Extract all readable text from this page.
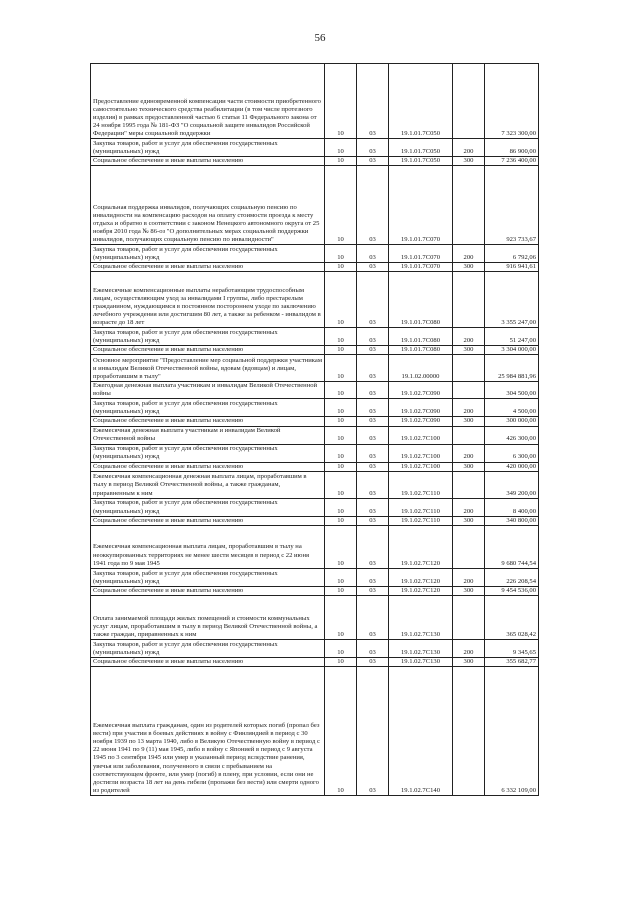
56
Предоставление единовременной компенсации части стоимости приобретенного самостоятельно технического средства реабилитации (в том числе протезного изделия) в рамках предоставленной частью 6 статьи 11 Федерального закона от 24 ноября 1995 года № 181-ФЗ "О социальной защите инвалидов Российской Федерации" меры социальной поддержки	10	03	19.1.01.7С050		7 323 300,00
Закупка товаров, работ и услуг для обеспечения государственных (муниципальных) нужд	10	03	19.1.01.7С050	200	86 900,00
Социальное обеспечение и иные выплаты населению	10	03	19.1.01.7С050	300	7 236 400,00
Социальная поддержка инвалидов, получающих социальную пенсию по инвалидности на компенсацию расходов на оплату стоимости проезда к месту отдыха и обратно в соответствии с законом Ненецкого автономного округа от 25 ноября 2010 года № 86-оз "О дополнительных мерах социальной поддержки инвалидов, получающих социальную пенсию по инвалидности"	10	03	19.1.01.7С070		923 733,67
Закупка товаров, работ и услуг для обеспечения государственных (муниципальных) нужд	10	03	19.1.01.7С070	200	6 792,06
Социальное обеспечение и иные выплаты населению	10	03	19.1.01.7С070	300	916 941,61
Ежемесячные компенсационные выплаты неработающим трудоспособным лицам, осуществляющим уход за инвалидами I группы, либо престарелым гражданином, нуждающимся в постоянном постороннем уходе по заключению лечебного учреждения или достигшим 80 лет, а также за ребенком - инвалидом в возрасте до 18 лет	10	03	19.1.01.7С080		3 355 247,00
Закупка товаров, работ и услуг для обеспечения государственных (муниципальных) нужд	10	03	19.1.01.7С080	200	51 247,00
Социальное обеспечение и иные выплаты населению	10	03	19.1.01.7С080	300	3 304 000,00
Основное мероприятие "Предоставление мер социальной поддержки участникам и инвалидам Великой Отечественной войны, вдовам (вдовцам) и лицам, проработавшим в тылу"	10	03	19.1.02.00000		25 984 881,96
Ежегодная денежная выплата участникам и инвалидам Великой Отечественной войны	10	03	19.1.02.7С090		304 500,00
Закупка товаров, работ и услуг для обеспечения государственных (муниципальных) нужд	10	03	19.1.02.7С090	200	4 500,00
Социальное обеспечение и иные выплаты населению	10	03	19.1.02.7С090	300	300 000,00
Ежемесячная денежная выплата участникам и инвалидам Великой Отечественной войны	10	03	19.1.02.7С100		426 300,00
Закупка товаров, работ и услуг для обеспечения государственных (муниципальных) нужд	10	03	19.1.02.7С100	200	6 300,00
Социальное обеспечение и иные выплаты населению	10	03	19.1.02.7С100	300	420 000,00
Ежемесячная компенсационная денежная выплата лицам, проработавшим в тылу в период Великой Отечественной войны, а также гражданам, приравненным к ним	10	03	19.1.02.7С110		349 200,00
Закупка товаров, работ и услуг для обеспечения государственных (муниципальных) нужд	10	03	19.1.02.7С110	200	8 400,00
Социальное обеспечение и иные выплаты населению	10	03	19.1.02.7С110	300	340 800,00
Ежемесячная компенсационная выплата лицам, проработавшим в тылу на неоккупированных территориях не менее шести месяцев в период с 22 июня 1941 года по 9 мая 1945	10	03	19.1.02.7С120		9 680 744,54
Закупка товаров, работ и услуг для обеспечения государственных (муниципальных) нужд	10	03	19.1.02.7С120	200	226 208,54
Социальное обеспечение и иные выплаты населению	10	03	19.1.02.7С120	300	9 454 536,00
Оплата занимаемой площади жилых помещений и стоимости коммунальных услуг лицам, проработавшим в тылу в период Великой Отечественной войны, а также граждан, приравненных к ним	10	03	19.1.02.7С130		365 028,42
Закупка товаров, работ и услуг для обеспечения государственных (муниципальных) нужд	10	03	19.1.02.7С130	200	9 345,65
Социальное обеспечение и иные выплаты населению	10	03	19.1.02.7С130	300	355 682,77
Ежемесячная выплата гражданам, один из родителей которых погиб (пропал без вести) при участии в боевых действиях в войну с Финляндией в период с 30 ноября 1939 по 13 марта 1940, либо в Великую Отечественную войну в период с 22 июня 1941 по 9 (11) мая 1945, либо в войну с Японией в период с 9 августа 1945 по 3 сентября 1945 или умер в указанный период вследствие ранения, увечья или заболевания, полученного в связи с пребыванием на соответствующем фронте, или умер (погиб) в плену, при условии, если они не достигли возраста 18 лет на день гибели (пропажи без вести) или смерти одного из родителей	10	03	19.1.02.7С140		6 332 109,00
